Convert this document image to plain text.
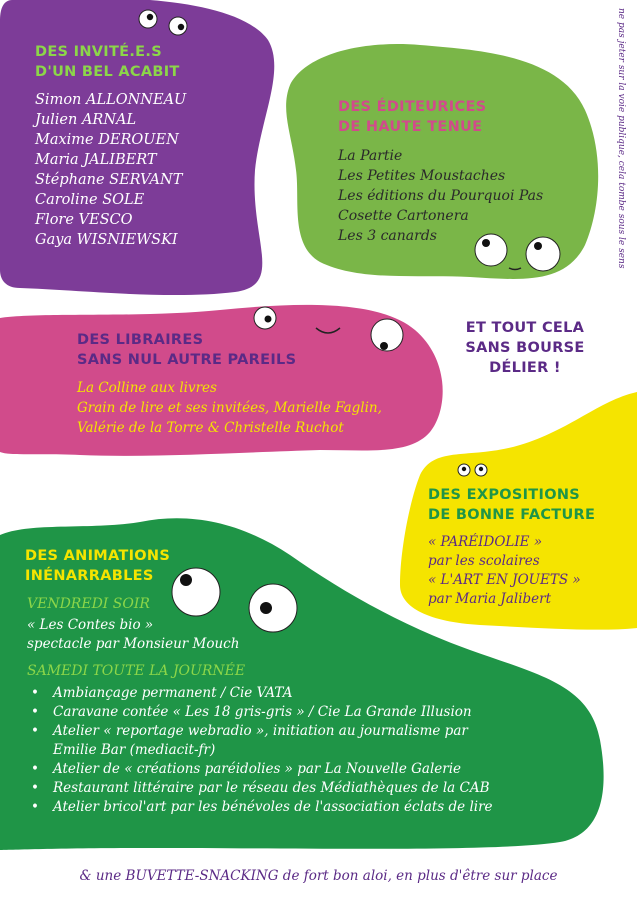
ne pas jeter sur la voie publique, cela tombe sous le sens
DES INVITÉ.E.S
D'UN BEL ACABIT
Simon ALLONNEAU
Julien ARNAL
Maxime DEROUEN
Maria JALIBERT
Stéphane SERVANT
Caroline SOLE
Flore VESCO
Gaya WISNIEWSKI
DES ÉDITEURICES
DE HAUTE TENUE
La Partie
Les Petites Moustaches
Les éditions du Pourquoi Pas
Cosette Cartonera
Les 3 canards
ET TOUT CELA
SANS BOURSE
DÉLIER !
DES LIBRAIRES
SANS NUL AUTRE PAREILS
La Colline aux livres
Grain de lire et ses invitées, Marielle Faglin,
Valérie de la Torre & Christelle Ruchot
DES EXPOSITIONS
DE BONNE FACTURE
« PARÉIDOLIE »
par les scolaires
« L'ART EN JOUETS »
par Maria Jalibert
DES ANIMATIONS
INÉNARRABLES
VENDREDI SOIR
« Les Contes bio »
spectacle par Monsieur Mouch
SAMEDI TOUTE LA JOURNÉE
• Ambiançage permanent / Cie VATA
• Caravane contée « Les 18 gris-gris » / Cie La Grande Illusion
• Atelier « reportage webradio », initiation au journalisme par
Emilie Bar (mediacit-fr)
• Atelier de « créations paréidolies » par La Nouvelle Galerie
• Restaurant littéraire par le réseau des Médiathèques de la CAB
• Atelier bricol'art par les bénévoles de l'association éclats de lire
& une BUVETTE-SNACKING de fort bon aloi, en plus d'être sur place
